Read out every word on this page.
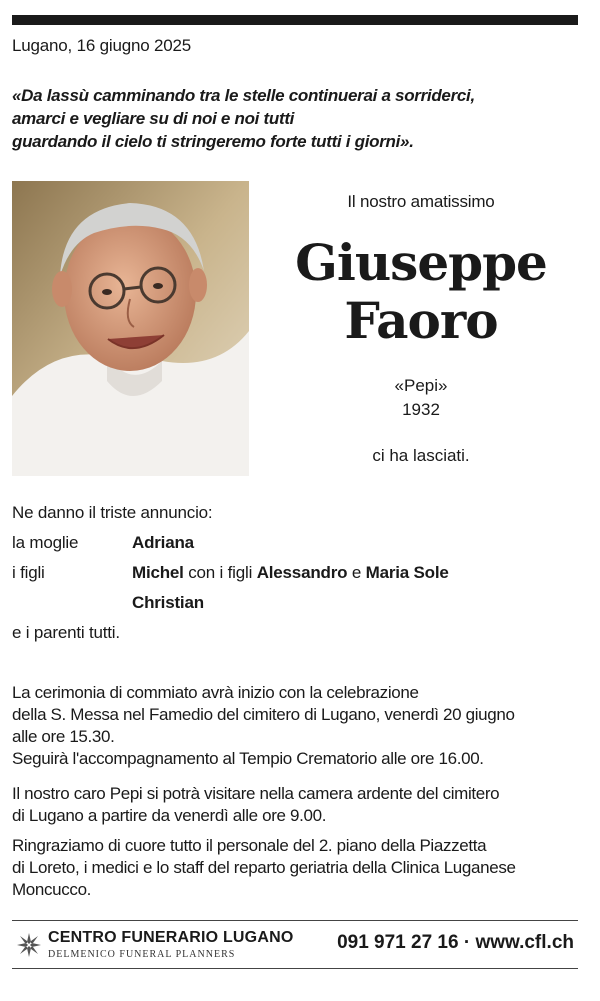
Lugano, 16 giugno 2025
«Da lassù camminando tra le stelle continuerai a sorriderci,
amarci e vegliare su di noi e noi tutti
guardando il cielo ti stringeremo forte tutti i giorni».
Il nostro amatissimo
Giuseppe
Faoro
«Pepi»
1932
ci ha lasciati.
Ne danno il triste annuncio:
la moglie	Adriana
i figli	Michel con i figli Alessandro e Maria Sole
Christian
e i parenti tutti.
La cerimonia di commiato avrà inizio con la celebrazione
della S. Messa nel Famedio del cimitero di Lugano, venerdì 20 giugno
alle ore 15.30.
Seguirà l'accompagnamento al Tempio Crematorio alle ore 16.00.
Il nostro caro Pepi si potrà visitare nella camera ardente del cimitero
di Lugano a partire da venerdì alle ore 9.00.
Ringraziamo di cuore tutto il personale del 2. piano della Piazzetta
di Loreto, i medici e lo staff del reparto geriatria della Clinica Luganese
Moncucco.
CENTRO FUNERARIO LUGANO
DELMENICO FUNERAL PLANNERS
091 971 27 16 · www.cfl.ch
